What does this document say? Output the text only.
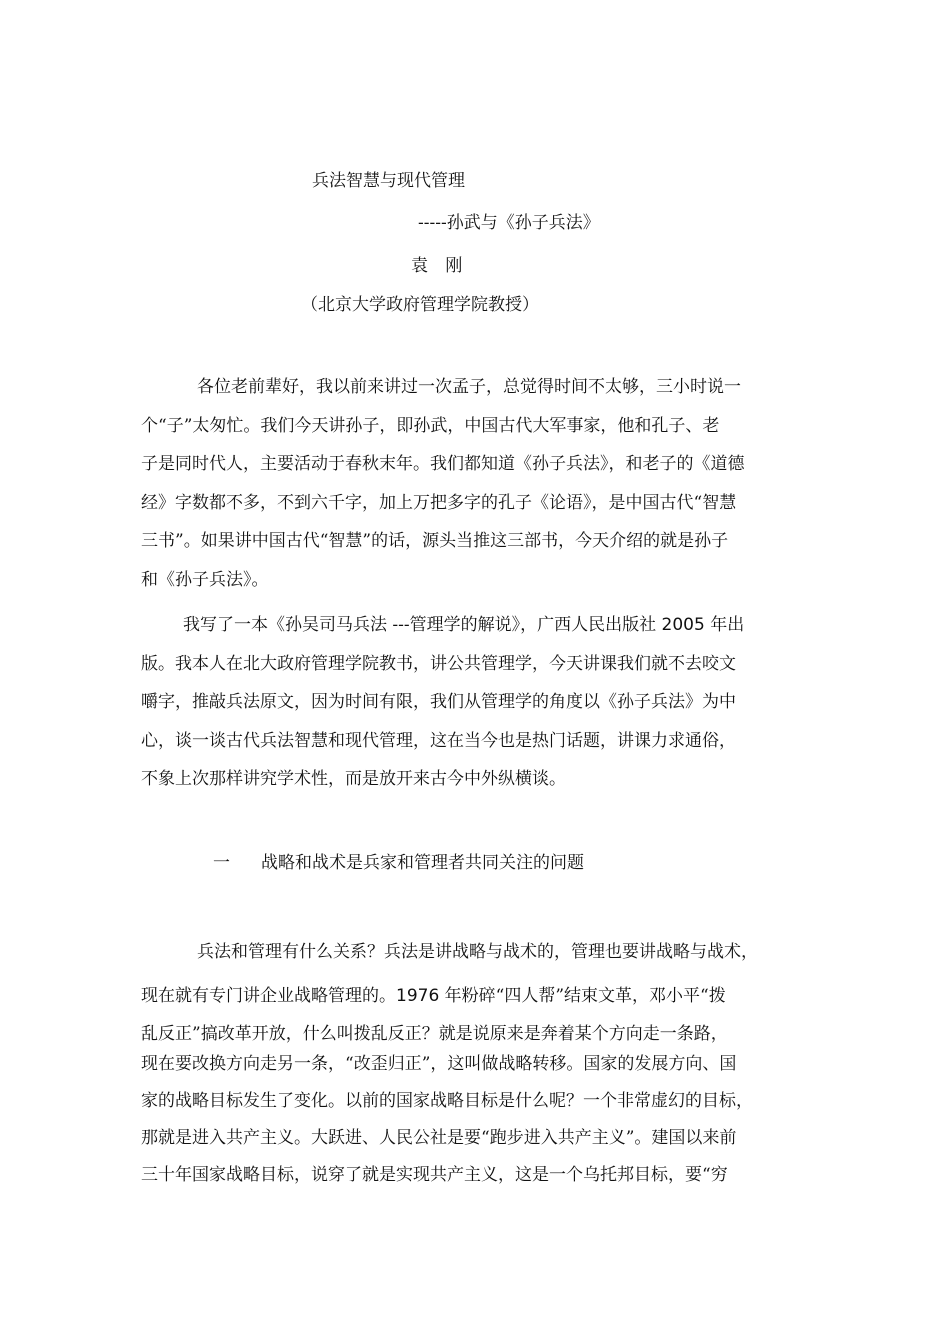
兵法智慧与现代管理
-----孙武与《孙子兵法》
袁 刚
（北京大学政府管理学院教授）
各位老前辈好，我以前来讲过一次孟子，总觉得时间不太够，三小时说一
个“子”太匆忙。我们今天讲孙子，即孙武，中国古代大军事家，他和孔子、老
子是同时代人，主要活动于春秋末年。我们都知道《孙子兵法》，和老子的《道德
经》字数都不多，不到六千字，加上万把多字的孔子《论语》，是中国古代“智慧
三书”。如果讲中国古代“智慧”的话，源头当推这三部书，今天介绍的就是孙子
和《孙子兵法》。
我写了一本《孙吴司马兵法 ---管理学的解说》，广西人民出版社 2005 年出
版。我本人在北大政府管理学院教书，讲公共管理学，今天讲课我们就不去咬文
嚼字，推敲兵法原文，因为时间有限，我们从管理学的角度以《孙子兵法》为中
心，谈一谈古代兵法智慧和现代管理，这在当今也是热门话题，讲课力求通俗，
不象上次那样讲究学术性，而是放开来古今中外纵横谈。
一 战略和战术是兵家和管理者共同关注的问题
兵法和管理有什么关系？兵法是讲战略与战术的，管理也要讲战略与战术，
现在就有专门讲企业战略管理的。1976 年粉碎“四人帮”结束文革，邓小平“拨
乱反正”搞改革开放，什么叫拨乱反正？就是说原来是奔着某个方向走一条路，
现在要改换方向走另一条，“改歪归正”，这叫做战略转移。国家的发展方向、国
家的战略目标发生了变化。以前的国家战略目标是什么呢？一个非常虚幻的目标，
那就是进入共产主义。大跃进、人民公社是要“跑步进入共产主义”。建国以来前
三十年国家战略目标，说穿了就是实现共产主义，这是一个乌托邦目标，要“穷
